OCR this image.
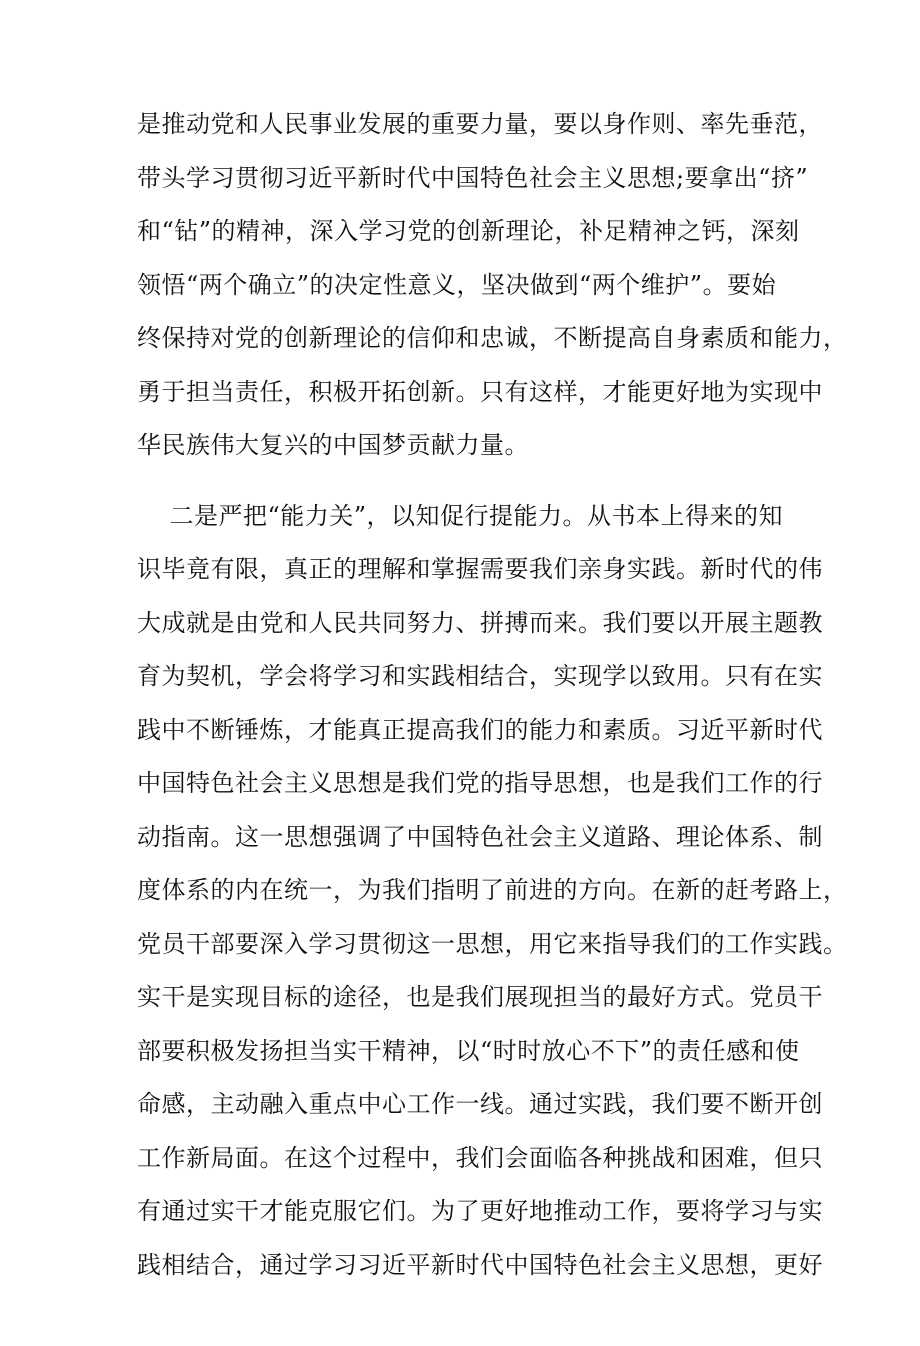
是推动党和人民事业发展的重要力量，要以身作则、率先垂范，
带头学习贯彻习近平新时代中国特色社会主义思想;要拿出“挤”
和“钻”的精神，深入学习党的创新理论，补足精神之钙，深刻
领悟“两个确立”的决定性意义，坚决做到“两个维护”。要始
终保持对党的创新理论的信仰和忠诚，不断提高自身素质和能力，
勇于担当责任，积极开拓创新。只有这样，才能更好地为实现中
华民族伟大复兴的中国梦贡献力量。
二是严把“能力关”，以知促行提能力。从书本上得来的知
识毕竟有限，真正的理解和掌握需要我们亲身实践。新时代的伟
大成就是由党和人民共同努力、拼搏而来。我们要以开展主题教
育为契机，学会将学习和实践相结合，实现学以致用。只有在实
践中不断锤炼，才能真正提高我们的能力和素质。习近平新时代
中国特色社会主义思想是我们党的指导思想，也是我们工作的行
动指南。这一思想强调了中国特色社会主义道路、理论体系、制
度体系的内在统一，为我们指明了前进的方向。在新的赶考路上，
党员干部要深入学习贯彻这一思想，用它来指导我们的工作实践。
实干是实现目标的途径，也是我们展现担当的最好方式。党员干
部要积极发扬担当实干精神，以“时时放心不下”的责任感和使
命感，主动融入重点中心工作一线。通过实践，我们要不断开创
工作新局面。在这个过程中，我们会面临各种挑战和困难，但只
有通过实干才能克服它们。为了更好地推动工作，要将学习与实
践相结合，通过学习习近平新时代中国特色社会主义思想，更好
